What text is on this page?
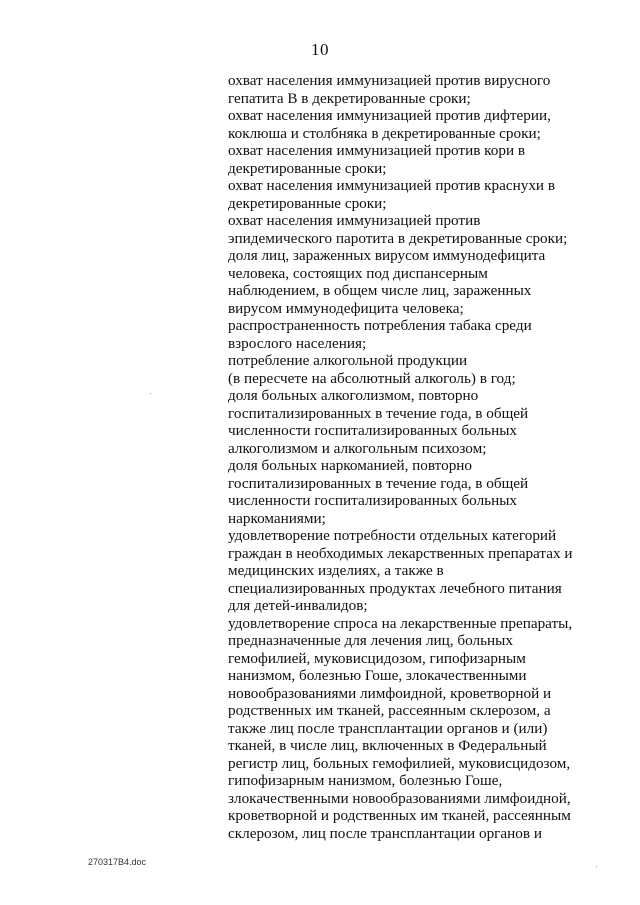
10
охват населения иммунизацией против вирусного
гепатита В в декретированные сроки;
охват населения иммунизацией против дифтерии,
коклюша и столбняка в декретированные сроки;
охват населения иммунизацией против кори в
декретированные сроки;
охват населения иммунизацией против краснухи в
декретированные сроки;
охват населения иммунизацией против
эпидемического паротита в декретированные сроки;
доля лиц, зараженных вирусом иммунодефицита
человека, состоящих под диспансерным
наблюдением, в общем числе лиц, зараженных
вирусом иммунодефицита человека;
распространенность потребления табака среди
взрослого населения;
потребление алкогольной продукции
(в пересчете на абсолютный алкоголь) в год;
доля больных алкоголизмом, повторно
госпитализированных в течение года, в общей
численности госпитализированных больных
алкоголизмом и алкогольным психозом;
доля больных наркоманией, повторно
госпитализированных в течение года, в общей
численности госпитализированных больных
наркоманиями;
удовлетворение потребности отдельных категорий
граждан в необходимых лекарственных препаратах и
медицинских изделиях, а также в
специализированных продуктах лечебного питания
для детей-инвалидов;
удовлетворение спроса на лекарственные препараты,
предназначенные для лечения лиц, больных
гемофилией, муковисцидозом, гипофизарным
нанизмом, болезнью Гоше, злокачественными
новообразованиями лимфоидной, кроветворной и
родственных им тканей, рассеянным склерозом, а
также лиц после трансплантации органов и (или)
тканей, в числе лиц, включенных в Федеральный
регистр лиц, больных гемофилией, муковисцидозом,
гипофизарным нанизмом, болезнью Гоше,
злокачественными новообразованиями лимфоидной,
кроветворной и родственных им тканей, рассеянным
склерозом, лиц после трансплантации органов и
270317В4.doc
